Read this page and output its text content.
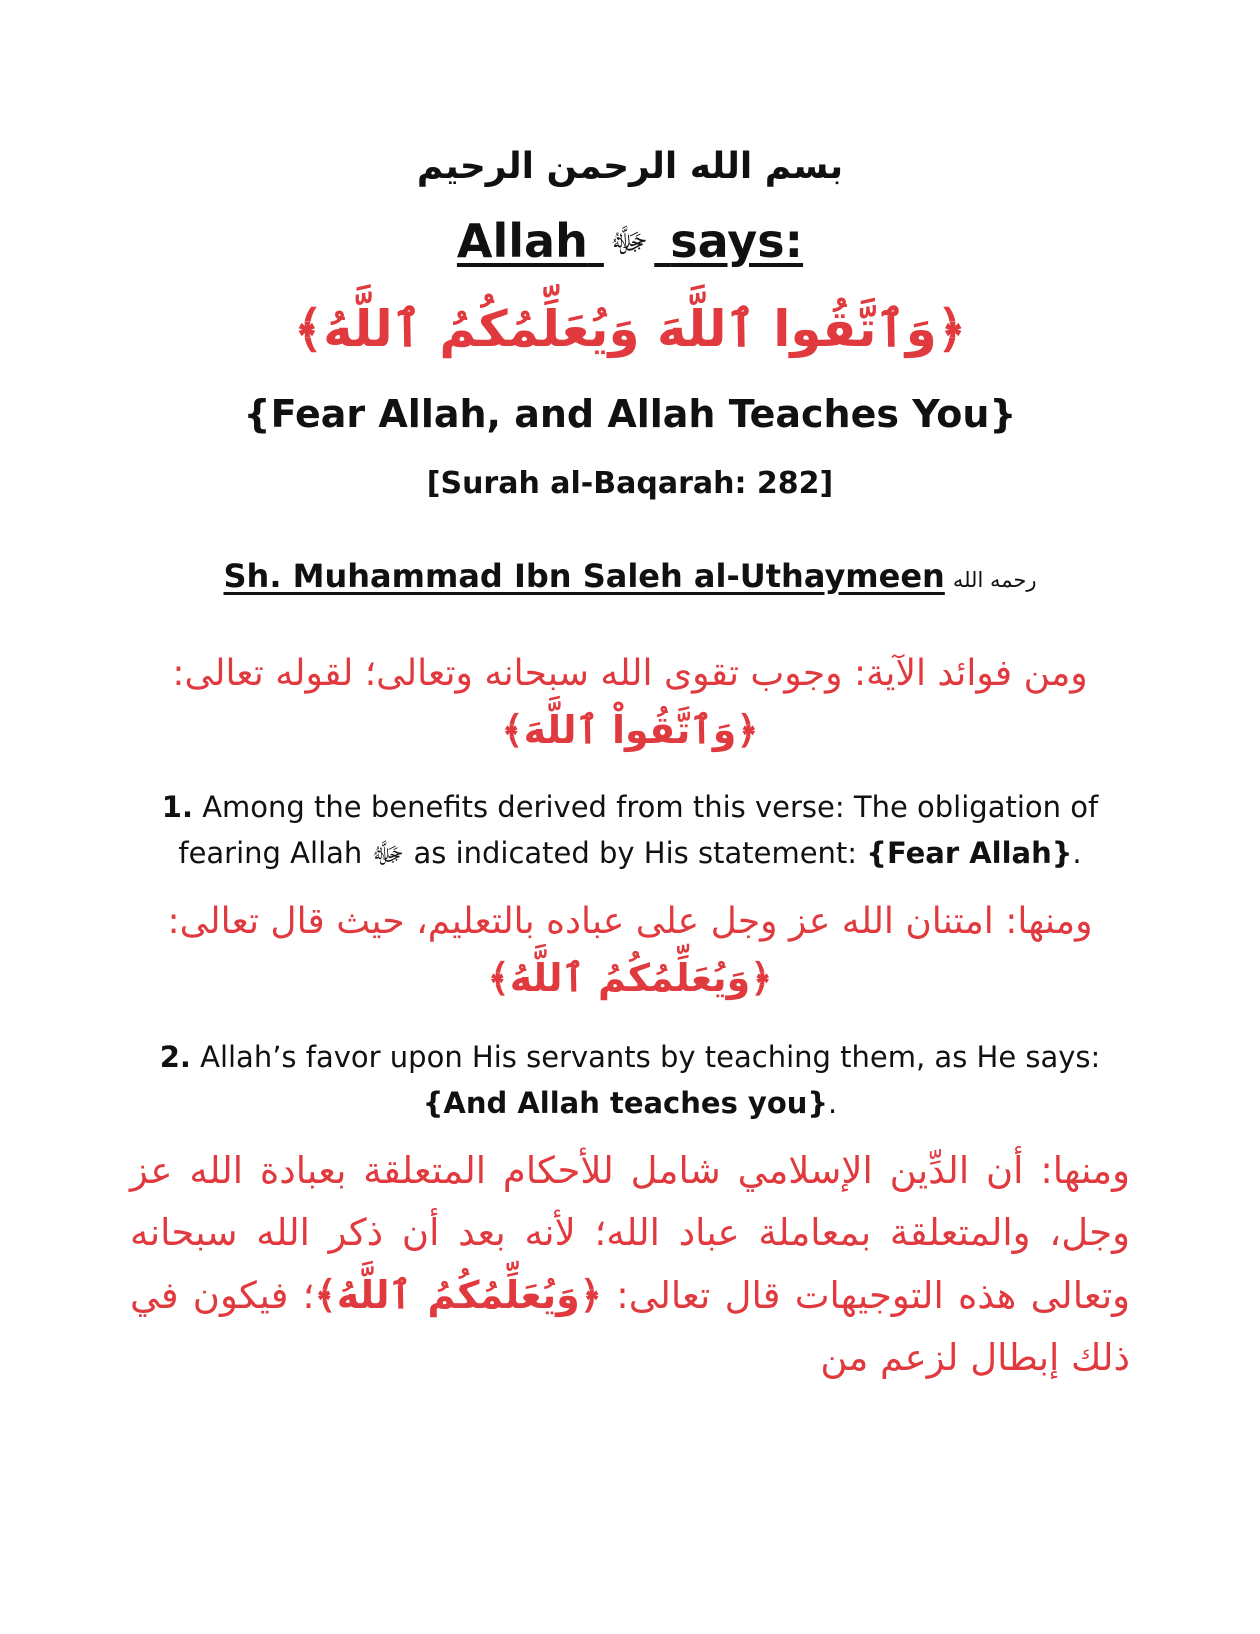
بسم الله الرحمن الرحيم
Allah ﷻ says:
﴿وَٱتَّقُوا ٱللَّهَ وَيُعَلِّمُكُمُ ٱللَّهُ﴾
{Fear Allah, and Allah Teaches You}
[Surah al-Baqarah: 282]
Sh. Muhammad Ibn Saleh al-Uthaymeen رحمه الله
ومن فوائد الآية: وجوب تقوى الله سبحانه وتعالى؛ لقوله تعالى:
﴿وَٱتَّقُواْ ٱللَّهَ﴾
1. Among the benefits derived from this verse: The obligation of fearing Allah ﷻ as indicated by His statement: {Fear Allah}.
ومنها: امتنان الله عز وجل على عباده بالتعليم، حيث قال تعالى:
﴿وَيُعَلِّمُكُمُ ٱللَّهُ﴾
2. Allah’s favor upon His servants by teaching them, as He says:
{And Allah teaches you}.
ومنها: أن الدِّين الإسلامي شامل للأحكام المتعلقة بعبادة الله عز وجل، والمتعلقة بمعاملة عباد الله؛ لأنه بعد أن ذكر الله سبحانه وتعالى هذه التوجيهات قال تعالى: ﴿وَيُعَلِّمُكُمُ ٱللَّهُ﴾؛ فيكون في ذلك إبطال لزعم من
